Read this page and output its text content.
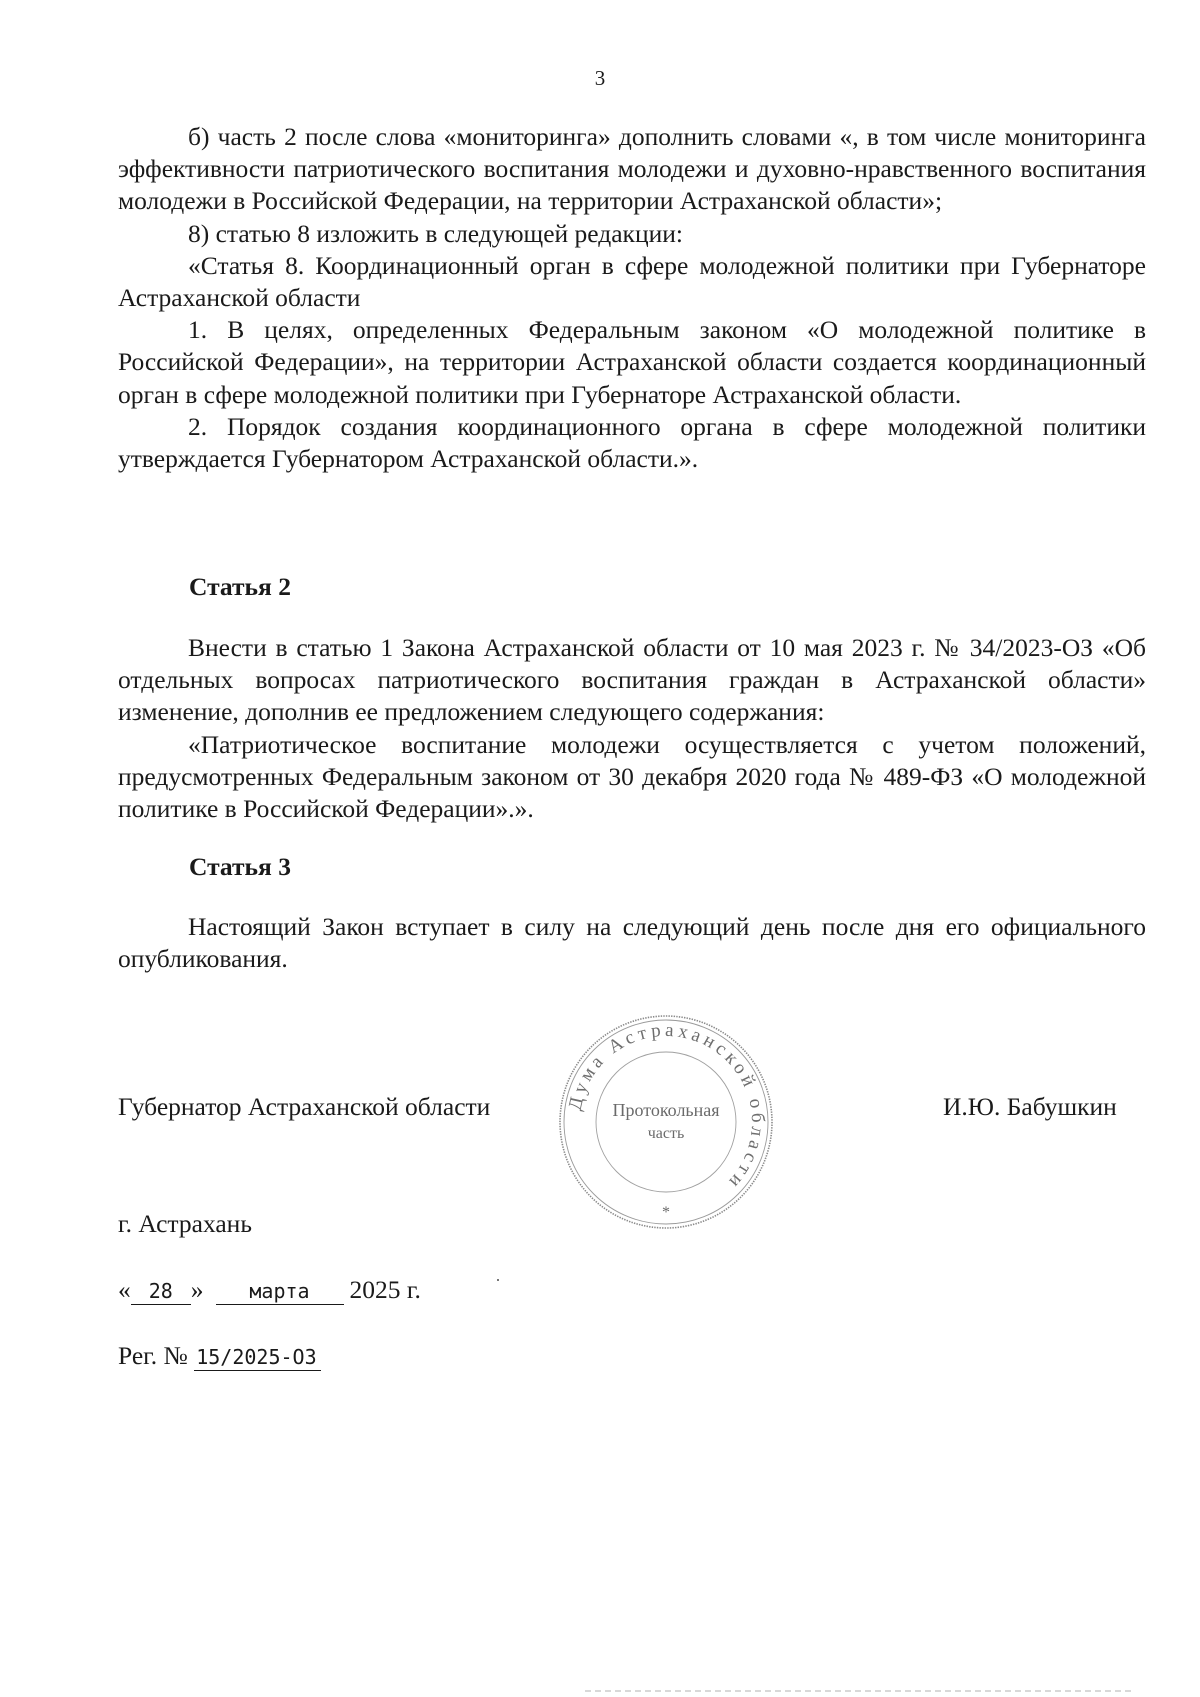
3

б) часть 2 после слова «мониторинга» дополнить словами «, в том числе мониторинга эффективности патриотического воспитания молодежи и духовно-нравственного воспитания молодежи в Российской Федерации, на территории Астраханской области»;

8) статью 8 изложить в следующей редакции:

«Статья 8. Координационный орган в сфере молодежной политики при Губернаторе Астраханской области

1. В целях, определенных Федеральным законом «О молодежной политике в Российской Федерации», на территории Астраханской области создается координационный орган в сфере молодежной политики при Губернаторе Астраханской области.

2. Порядок создания координационного органа в сфере молодежной политики утверждается Губернатором Астраханской области.».

Статья 2

Внести в статью 1 Закона Астраханской области от 10 мая 2023 г. № 34/2023-ОЗ «Об отдельных вопросах патриотического воспитания граждан в Астраханской области» изменение, дополнив ее предложением следующего содержания:

«Патриотическое воспитание молодежи осуществляется с учетом положений, предусмотренных Федеральным законом от 30 декабря 2020 года № 489-ФЗ «О молодежной политике в Российской Федерации».».

Статья 3

Настоящий Закон вступает в силу на следующий день после дня его официального опубликования.

Губернатор Астраханской области	Дума Астраханской области
Протокольная
часть
*
И.Ю. Бабушкин
г. Астрахань
« 28 » марта 2025 г.
Рег. № 15/2025-ОЗ
